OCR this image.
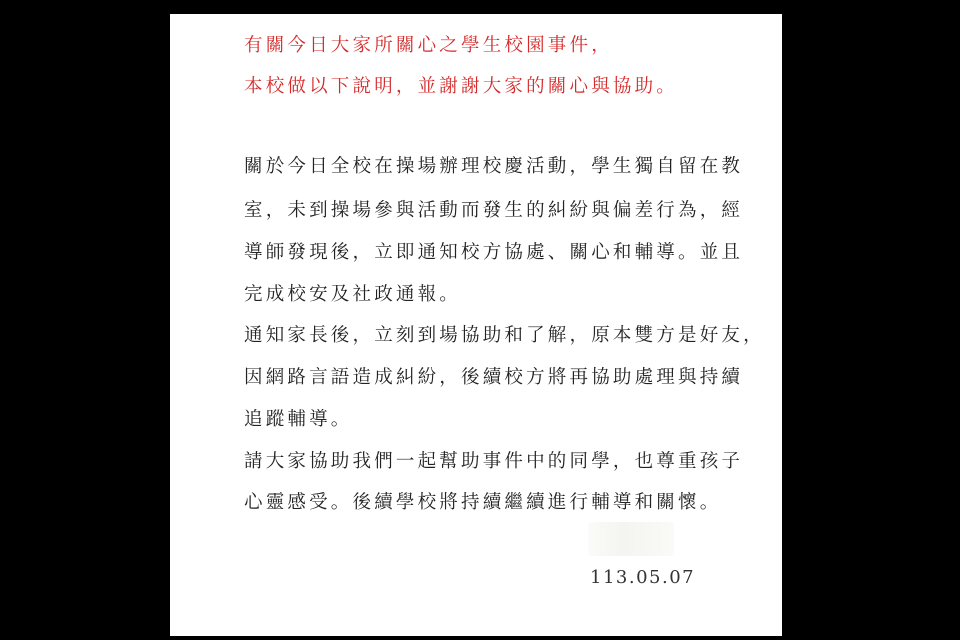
有關今日大家所關心之學生校園事件，
本校做以下說明，並謝謝大家的關心與協助。
關於今日全校在操場辦理校慶活動，學生獨自留在教
室，未到操場參與活動而發生的糾紛與偏差行為，經
導師發現後，立即通知校方協處、關心和輔導。並且
完成校安及社政通報。
通知家長後，立刻到場協助和了解，原本雙方是好友，
因網路言語造成糾紛，後續校方將再協助處理與持續
追蹤輔導。
請大家協助我們一起幫助事件中的同學，也尊重孩子
心靈感受。後續學校將持續繼續進行輔導和關懷。
113.05.07
